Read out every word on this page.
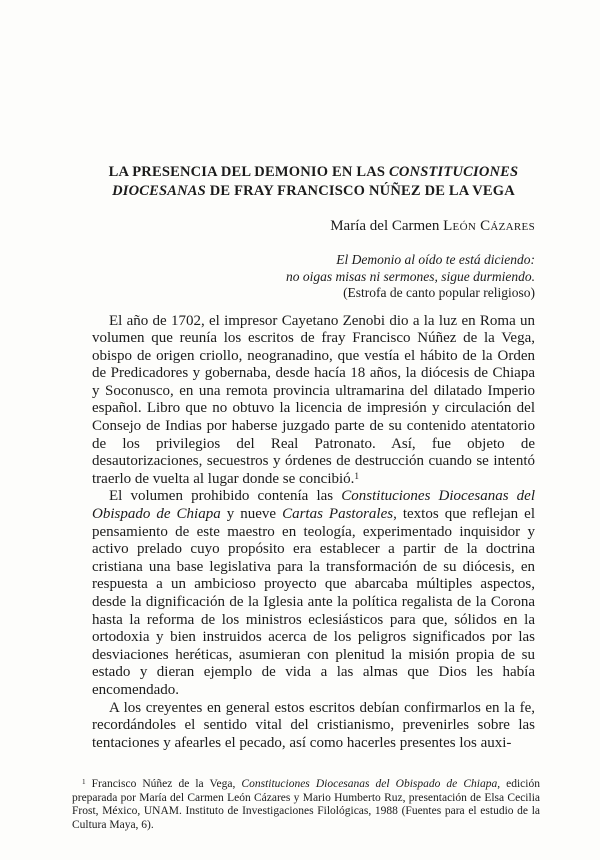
LA PRESENCIA DEL DEMONIO EN LAS CONSTITUCIONES
DIOCESANAS DE FRAY FRANCISCO NÚÑEZ DE LA VEGA
María del Carmen León Cázares
El Demonio al oído te está diciendo:
no oigas misas ni sermones, sigue durmiendo.
(Estrofa de canto popular religioso)

El año de 1702, el impresor Cayetano Zenobi dio a la luz en Roma un volumen que reunía los escritos de fray Francisco Núñez de la Vega, obispo de origen criollo, neogranadino, que vestía el hábito de la Orden de Predicadores y gobernaba, desde hacía 18 años, la diócesis de Chiapa y Soconusco, en una remota provincia ultramarina del dilatado Imperio español. Libro que no obtuvo la licencia de impresión y circulación del Consejo de Indias por haberse juzgado parte de su contenido atentatorio de los privilegios del Real Patronato. Así, fue objeto de desautorizaciones, secuestros y órdenes de destrucción cuando se intentó traerlo de vuelta al lugar donde se concibió.$^1$

El volumen prohibido contenía las Constituciones Diocesanas del Obispado de Chiapa y nueve Cartas Pastorales, textos que reflejan el pensamiento de este maestro en teología, experimentado inquisidor y activo prelado cuyo propósito era establecer a partir de la doctrina cristiana una base legislativa para la transformación de su diócesis, en respuesta a un ambicioso proyecto que abarcaba múltiples aspectos, desde la dignificación de la Iglesia ante la política regalista de la Corona hasta la reforma de los ministros eclesiásticos para que, sólidos en la ortodoxia y bien instruidos acerca de los peligros significados por las desviaciones heréticas, asumieran con plenitud la misión propia de su estado y dieran ejemplo de vida a las almas que Dios les había encomendado.

A los creyentes en general estos escritos debían confirmarlos en la fe, recordándoles el sentido vital del cristianismo, prevenirles sobre las tentaciones y afearles el pecado, así como hacerles presentes los auxi-

$^1$ Francisco Núñez de la Vega, Constituciones Diocesanas del Obispado de Chiapa, edición preparada por María del Carmen León Cázares y Mario Humberto Ruz, presentación de Elsa Cecilia Frost, México, UNAM. Instituto de Investigaciones Filológicas, 1988 (Fuentes para el estudio de la Cultura Maya, 6).
